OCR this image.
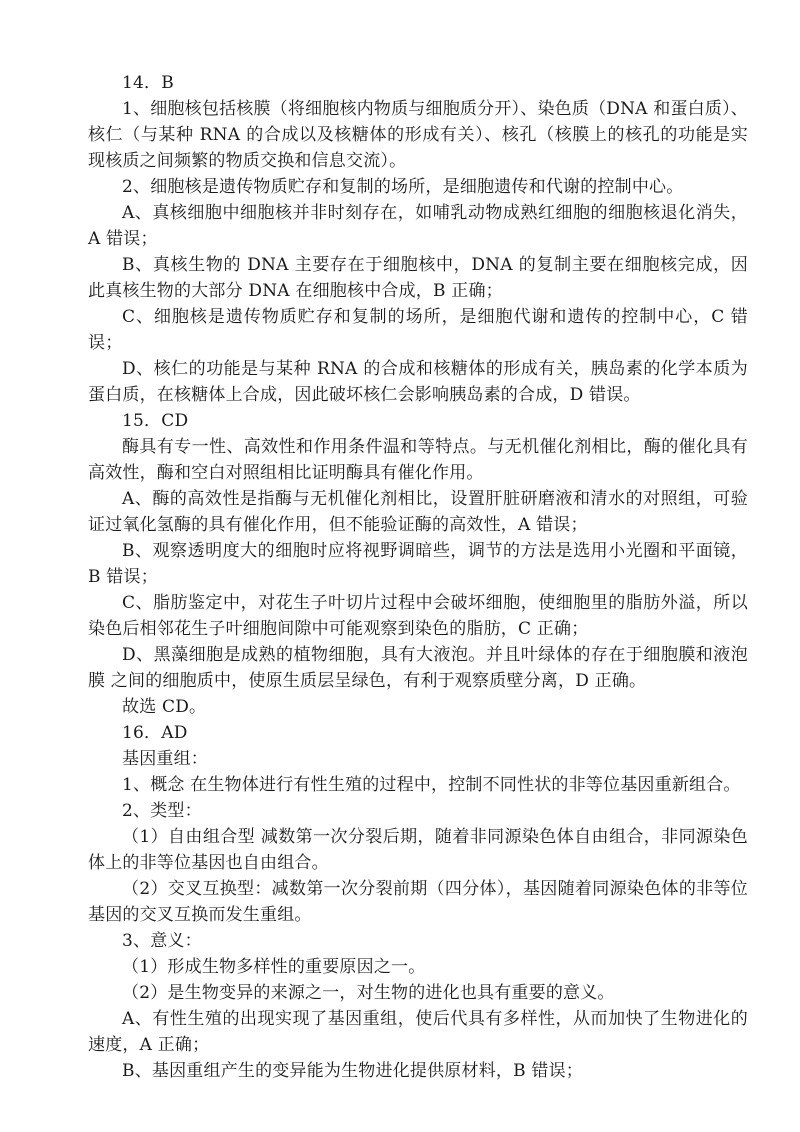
14．B

1、细胞核包括核膜（将细胞核内物质与细胞质分开）、染色质（DNA 和蛋白质）、核仁（与某种 RNA 的合成以及核糖体的形成有关）、核孔（核膜上的核孔的功能是实现核质之间频繁的物质交换和信息交流）。

2、细胞核是遗传物质贮存和复制的场所，是细胞遗传和代谢的控制中心。

A、真核细胞中细胞核并非时刻存在，如哺乳动物成熟红细胞的细胞核退化消失，A 错误；

B、真核生物的 DNA 主要存在于细胞核中，DNA 的复制主要在细胞核完成，因此真核生物的大部分 DNA 在细胞核中合成，B 正确；

C、细胞核是遗传物质贮存和复制的场所，是细胞代谢和遗传的控制中心，C 错误；

D、核仁的功能是与某种 RNA 的合成和核糖体的形成有关，胰岛素的化学本质为蛋白质，在核糖体上合成，因此破坏核仁会影响胰岛素的合成，D 错误。

15．CD

酶具有专一性、高效性和作用条件温和等特点。与无机催化剂相比，酶的催化具有高效性，酶和空白对照组相比证明酶具有催化作用。

A、酶的高效性是指酶与无机催化剂相比，设置肝脏研磨液和清水的对照组，可验证过氧化氢酶的具有催化作用，但不能验证酶的高效性，A 错误；

B、观察透明度大的细胞时应将视野调暗些，调节的方法是选用小光圈和平面镜，B 错误；

C、脂肪鉴定中，对花生子叶切片过程中会破坏细胞，使细胞里的脂肪外溢，所以染色后相邻花生子叶细胞间隙中可能观察到染色的脂肪，C 正确；

D、黑藻细胞是成熟的植物细胞，具有大液泡。并且叶绿体的存在于细胞膜和液泡膜 之间的细胞质中，使原生质层呈绿色，有利于观察质壁分离，D 正确。

故选 CD。

16．AD

基因重组：

1、概念 在生物体进行有性生殖的过程中，控制不同性状的非等位基因重新组合。

2、类型：

（1）自由组合型 减数第一次分裂后期，随着非同源染色体自由组合，非同源染色体上的非等位基因也自由组合。

（2）交叉互换型：减数第一次分裂前期（四分体），基因随着同源染色体的非等位基因的交叉互换而发生重组。

3、意义：

（1）形成生物多样性的重要原因之一。

（2）是生物变异的来源之一，对生物的进化也具有重要的意义。

A、有性生殖的出现实现了基因重组，使后代具有多样性，从而加快了生物进化的速度，A 正确；

B、基因重组产生的变异能为生物进化提供原材料，B 错误；
